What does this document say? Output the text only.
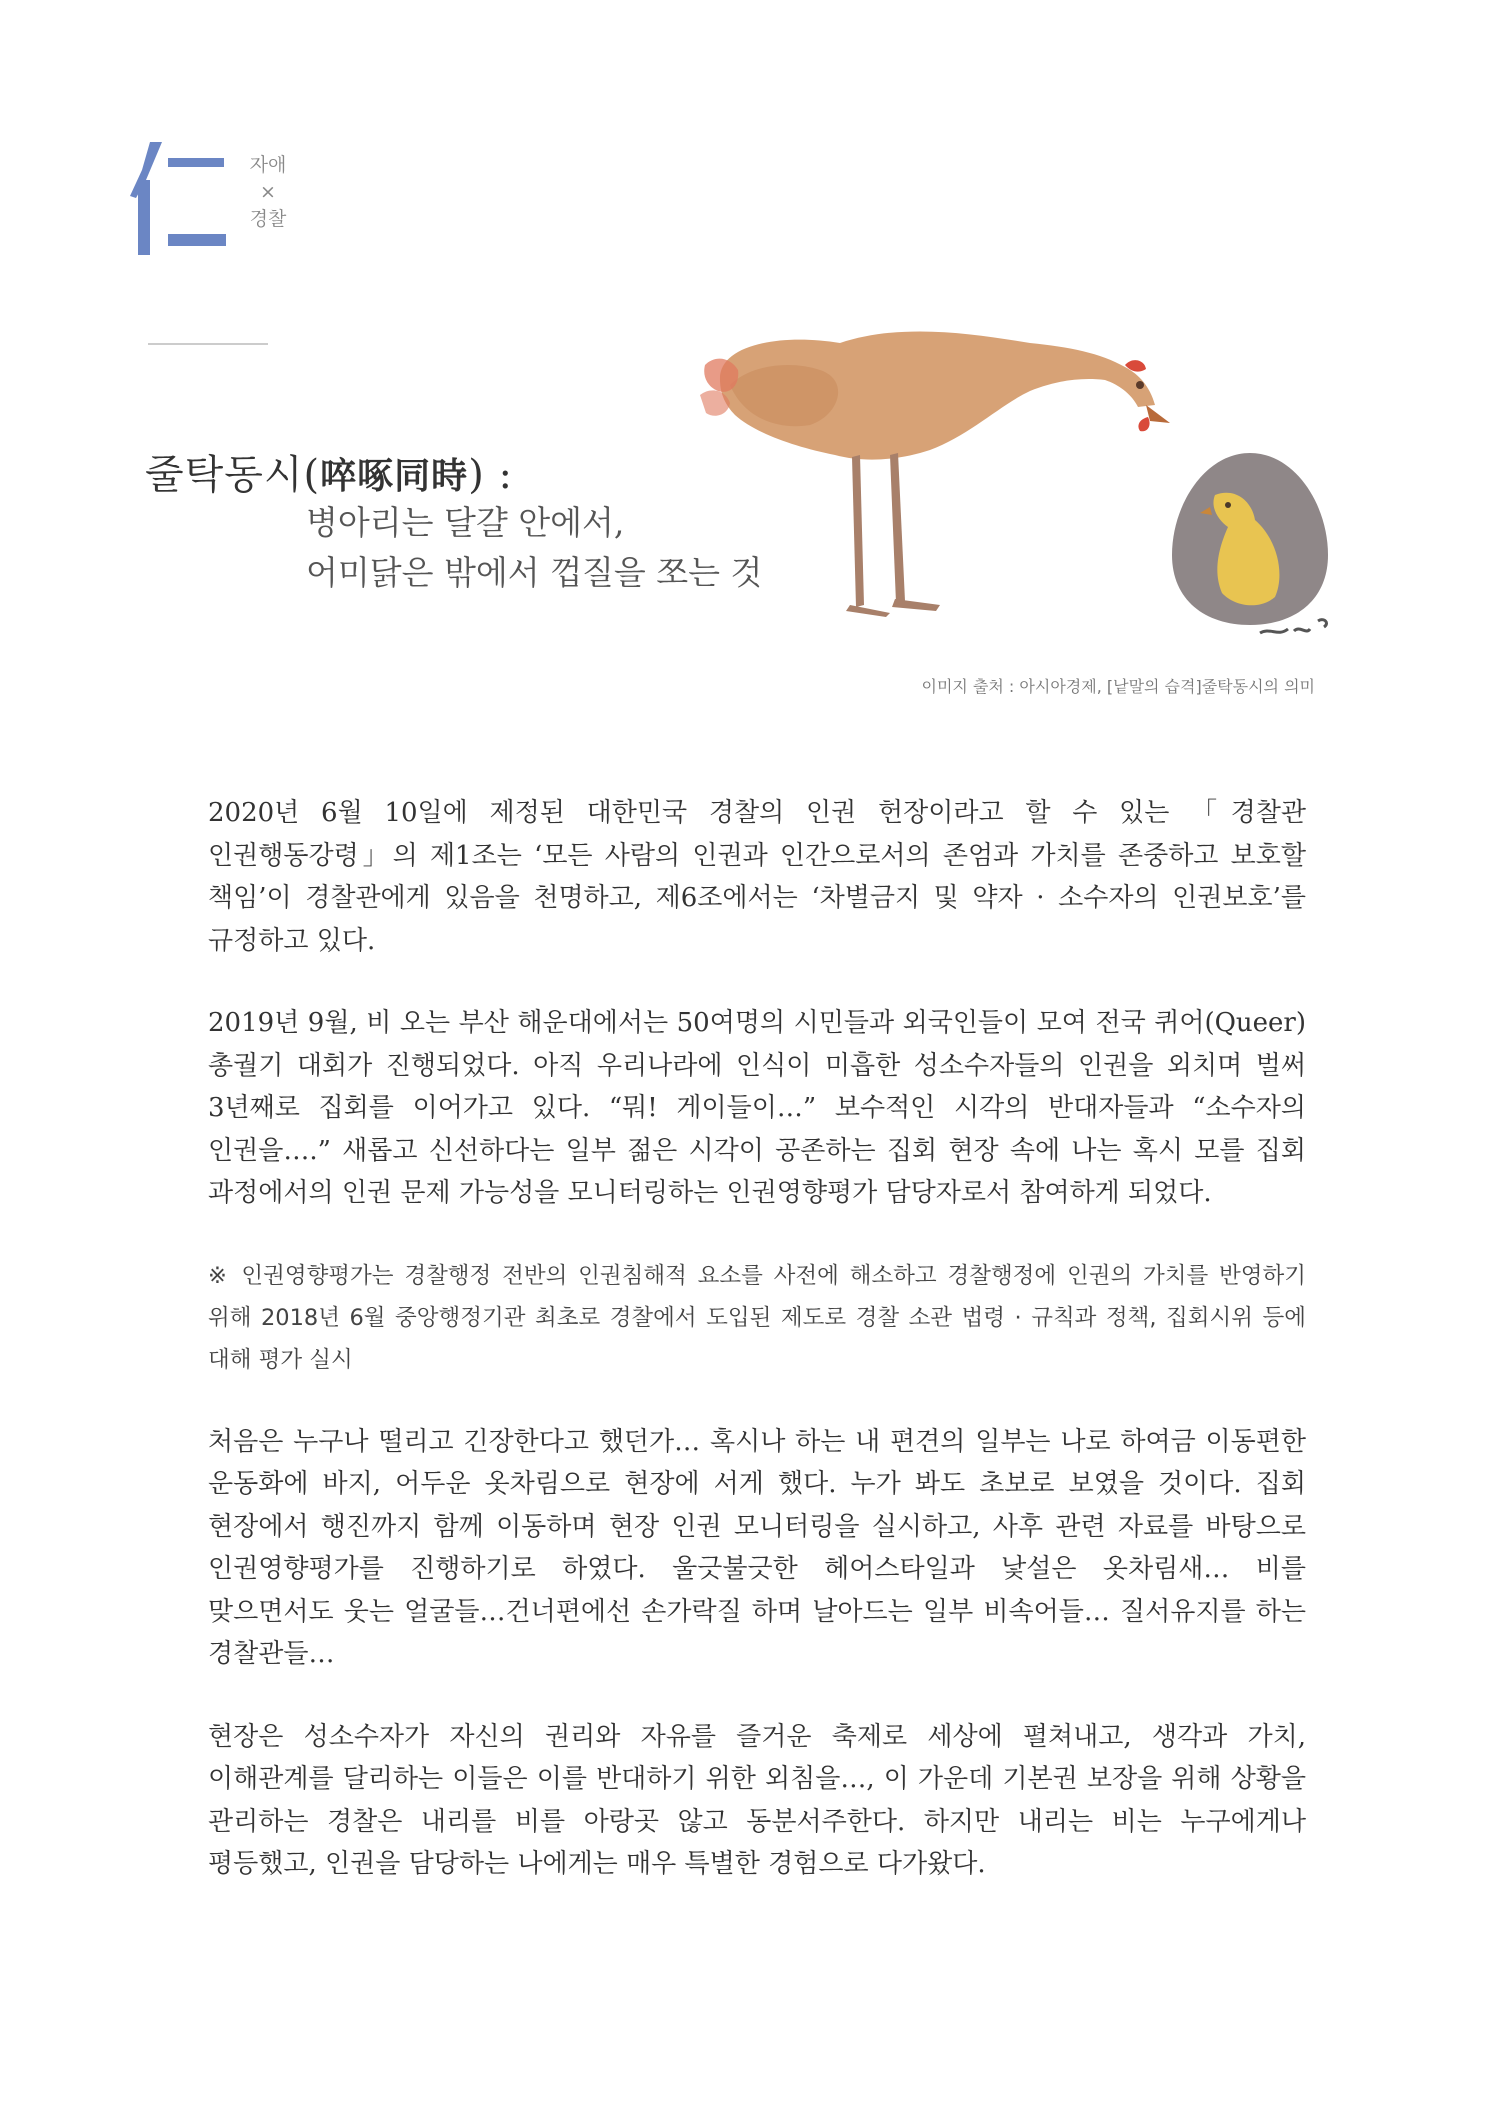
자애
×
경찰
줄탁동시(啐啄同時) :
병아리는 달걀 안에서,
어미닭은 밖에서 껍질을 쪼는 것
이미지 출처 : 아시아경제, [낱말의 습격]줄탁동시의 의미

2020년 6월 10일에 제정된 대한민국 경찰의 인권 헌장이라고 할 수 있는 「경찰관 인권행동강령」의 제1조는 ‘모든 사람의 인권과 인간으로서의 존엄과 가치를 존중하고 보호할 책임’이 경찰관에게 있음을 천명하고, 제6조에서는 ‘차별금지 및 약자 · 소수자의 인권보호’를 규정하고 있다.

2019년 9월, 비 오는 부산 해운대에서는 50여명의 시민들과 외국인들이 모여 전국 퀴어(Queer) 총궐기 대회가 진행되었다. 아직 우리나라에 인식이 미흡한 성소수자들의 인권을 외치며 벌써 3년째로 집회를 이어가고 있다. “뭐! 게이들이…” 보수적인 시각의 반대자들과 “소수자의 인권을….” 새롭고 신선하다는 일부 젊은 시각이 공존하는 집회 현장 속에 나는 혹시 모를 집회 과정에서의 인권 문제 가능성을 모니터링하는 인권영향평가 담당자로서 참여하게 되었다.

※ 인권영향평가는 경찰행정 전반의 인권침해적 요소를 사전에 해소하고 경찰행정에 인권의 가치를 반영하기 위해 2018년 6월 중앙행정기관 최초로 경찰에서 도입된 제도로 경찰 소관 법령 · 규칙과 정책, 집회시위 등에 대해 평가 실시

처음은 누구나 떨리고 긴장한다고 했던가… 혹시나 하는 내 편견의 일부는 나로 하여금 이동편한 운동화에 바지, 어두운 옷차림으로 현장에 서게 했다. 누가 봐도 초보로 보였을 것이다. 집회 현장에서 행진까지 함께 이동하며 현장 인권 모니터링을 실시하고, 사후 관련 자료를 바탕으로 인권영향평가를 진행하기로 하였다. 울긋불긋한 헤어스타일과 낯설은 옷차림새… 비를 맞으면서도 웃는 얼굴들…건너편에선 손가락질 하며 날아드는 일부 비속어들… 질서유지를 하는 경찰관들…

현장은 성소수자가 자신의 권리와 자유를 즐거운 축제로 세상에 펼쳐내고, 생각과 가치, 이해관계를 달리하는 이들은 이를 반대하기 위한 외침을…, 이 가운데 기본권 보장을 위해 상황을 관리하는 경찰은 내리를 비를 아랑곳 않고 동분서주한다. 하지만 내리는 비는 누구에게나 평등했고, 인권을 담당하는 나에게는 매우 특별한 경험으로 다가왔다.
